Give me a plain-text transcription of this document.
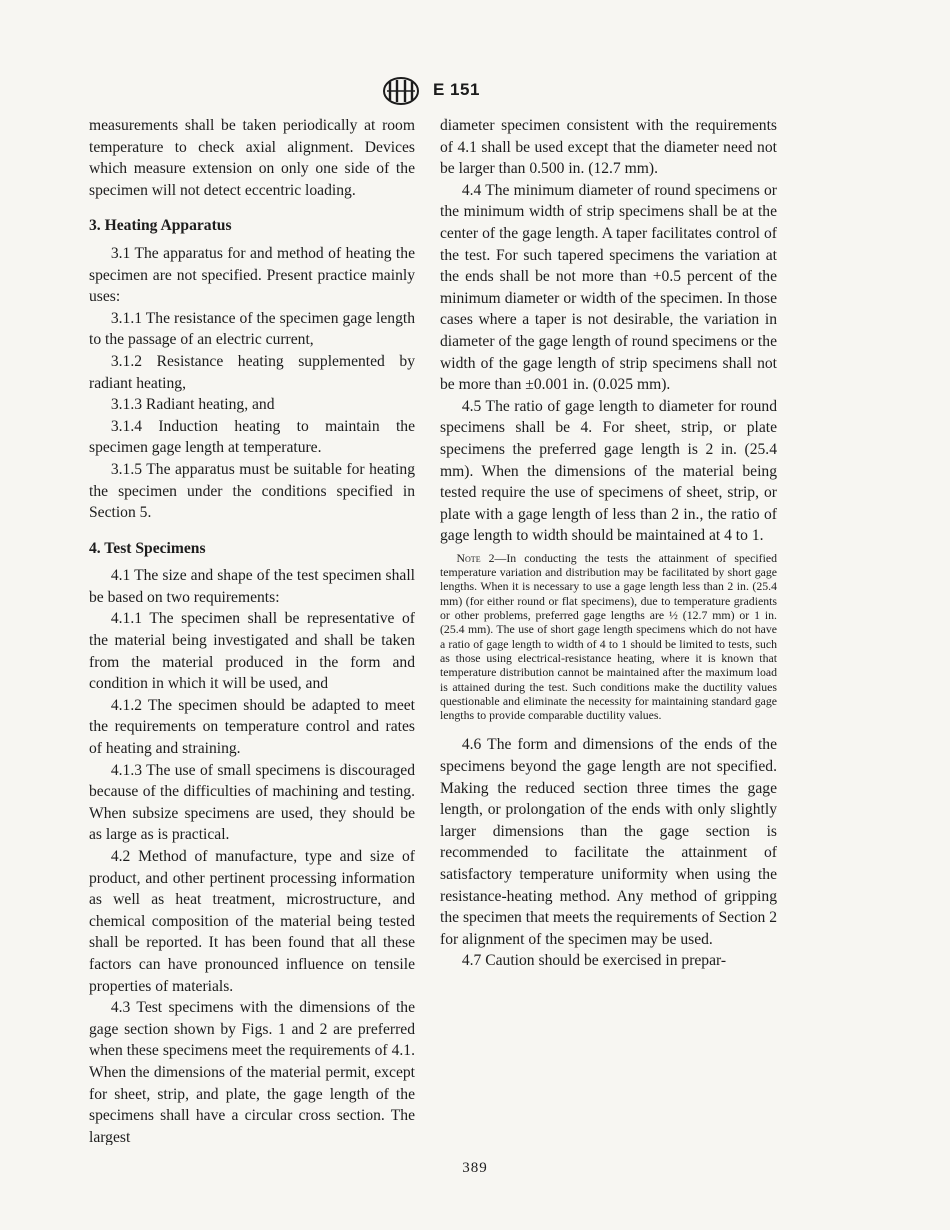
E 151

measurements shall be taken periodically at room temperature to check axial alignment. Devices which measure extension on only one side of the specimen will not detect eccentric loading.

3. Heating Apparatus

3.1 The apparatus for and method of heating the specimen are not specified. Present practice mainly uses:

3.1.1 The resistance of the specimen gage length to the passage of an electric current,

3.1.2 Resistance heating supplemented by radiant heating,

3.1.3 Radiant heating, and

3.1.4 Induction heating to maintain the specimen gage length at temperature.

3.1.5 The apparatus must be suitable for heating the specimen under the conditions specified in Section 5.

4. Test Specimens

4.1 The size and shape of the test specimen shall be based on two requirements:

4.1.1 The specimen shall be representative of the material being investigated and shall be taken from the material produced in the form and condition in which it will be used, and

4.1.2 The specimen should be adapted to meet the requirements on temperature control and rates of heating and straining.

4.1.3 The use of small specimens is discouraged because of the difficulties of machining and testing. When subsize specimens are used, they should be as large as is practical.

4.2 Method of manufacture, type and size of product, and other pertinent processing information as well as heat treatment, microstructure, and chemical composition of the material being tested shall be reported. It has been found that all these factors can have pronounced influence on tensile properties of materials.

4.3 Test specimens with the dimensions of the gage section shown by Figs. 1 and 2 are preferred when these specimens meet the requirements of 4.1. When the dimensions of the material permit, except for sheet, strip, and plate, the gage length of the specimens shall have a circular cross section. The largest

diameter specimen consistent with the requirements of 4.1 shall be used except that the diameter need not be larger than 0.500 in. (12.7 mm).

4.4 The minimum diameter of round specimens or the minimum width of strip specimens shall be at the center of the gage length. A taper facilitates control of the test. For such tapered specimens the variation at the ends shall be not more than +0.5 percent of the minimum diameter or width of the specimen. In those cases where a taper is not desirable, the variation in diameter of the gage length of round specimens or the width of the gage length of strip specimens shall not be more than ±0.001 in. (0.025 mm).

4.5 The ratio of gage length to diameter for round specimens shall be 4. For sheet, strip, or plate specimens the preferred gage length is 2 in. (25.4 mm). When the dimensions of the material being tested require the use of specimens of sheet, strip, or plate with a gage length of less than 2 in., the ratio of gage length to width should be maintained at 4 to 1.

Note 2—In conducting the tests the attainment of specified temperature variation and distribution may be facilitated by short gage lengths. When it is necessary to use a gage length less than 2 in. (25.4 mm) (for either round or flat specimens), due to temperature gradients or other problems, preferred gage lengths are ½ (12.7 mm) or 1 in. (25.4 mm). The use of short gage length specimens which do not have a ratio of gage length to width of 4 to 1 should be limited to tests, such as those using electrical-resistance heating, where it is known that temperature distribution cannot be maintained after the maximum load is attained during the test. Such conditions make the ductility values questionable and eliminate the necessity for maintaining standard gage lengths to provide comparable ductility values.

4.6 The form and dimensions of the ends of the specimens beyond the gage length are not specified. Making the reduced section three times the gage length, or prolongation of the ends with only slightly larger dimensions than the gage section is recommended to facilitate the attainment of satisfactory temperature uniformity when using the resistance-heating method. Any method of gripping the specimen that meets the requirements of Section 2 for alignment of the specimen may be used.

4.7 Caution should be exercised in prepar-

389
